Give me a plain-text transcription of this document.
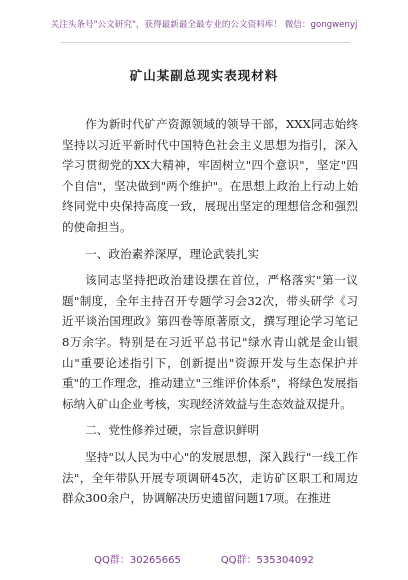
关注头条号"公文研究"，获得最新最全最专业的公文资料库！ 微信：gongwenyj
矿山某副总现实表现材料

作为新时代矿产资源领域的领导干部，XXX同志始终坚持以习近平新时代中国特色社会主义思想为指引，深入学习贯彻党的XX大精神，牢固树立"四个意识"，坚定"四个自信"，坚决做到"两个维护"。在思想上政治上行动上始终同党中央保持高度一致，展现出坚定的理想信念和强烈的使命担当。

一、政治素养深厚，理论武装扎实

该同志坚持把政治建设摆在首位，严格落实"第一议题"制度，全年主持召开专题学习会32次，带头研学《习近平谈治国理政》第四卷等原著原文，撰写理论学习笔记8万余字。特别是在习近平总书记"绿水青山就是金山银山"重要论述指引下，创新提出"资源开发与生态保护并重"的工作理念，推动建立"三维评价体系"，将绿色发展指标纳入矿山企业考核，实现经济效益与生态效益双提升。

二、党性修养过硬，宗旨意识鲜明

坚持"以人民为中心"的发展思想，深入践行"一线工作法"，全年带队开展专项调研45次，走访矿区职工和周边群众300余户，协调解决历史遗留问题17项。在推进

QQ群：30265665	QQ群：535304092
